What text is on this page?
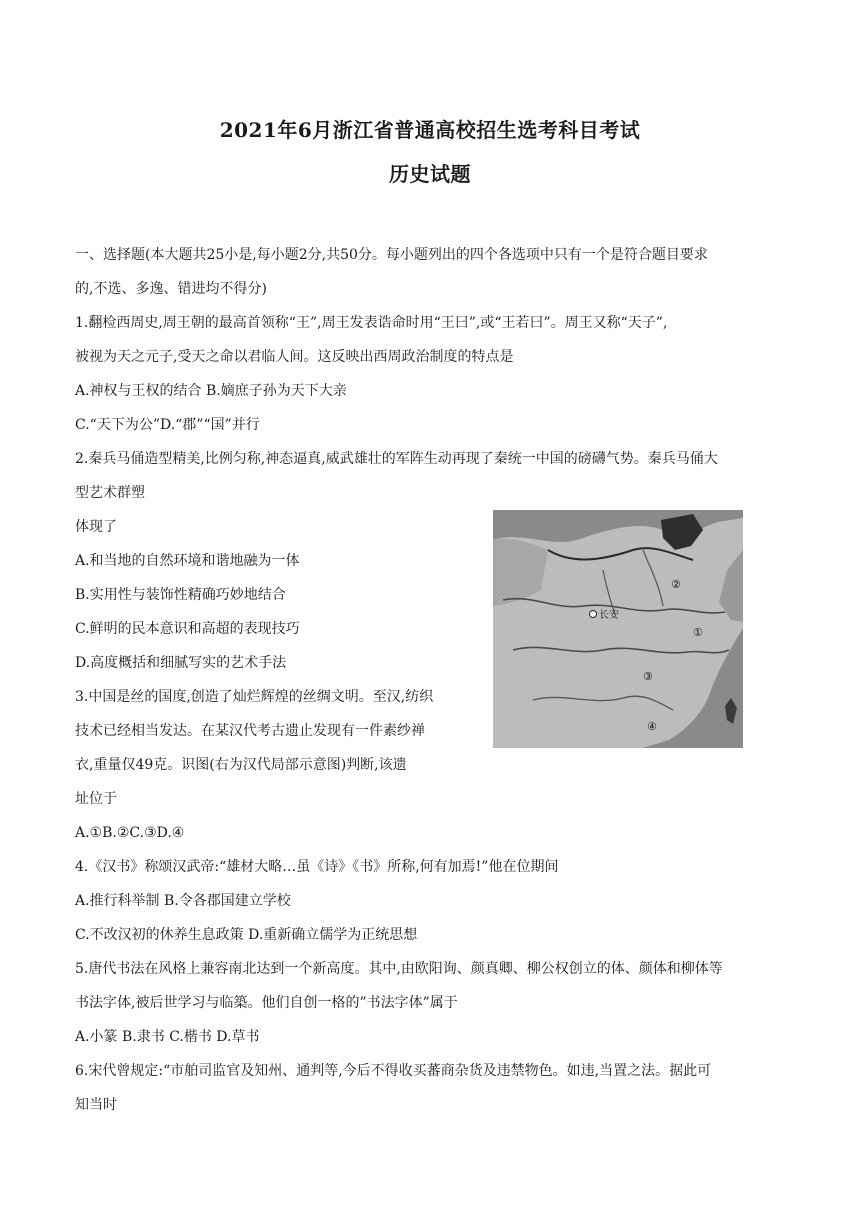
2021年6月浙江省普通高校招生选考科目考试
历史试题
一、选择题(本大题共25小是,每小题2分,共50分。每小题列出的四个各选项中只有一个是符合题目要求
的,不选、多逸、错进均不得分)
1.翻检西周史,周王朝的最高首领称“王”,周王发表诰命时用“王曰”,或“王若曰”。周王又称“天子”,
被视为天之元子,受天之命以君临人间。这反映出西周政治制度的特点是
A.神权与王权的结合 B.嫡庶子孙为天下大亲
C.“天下为公”D.“郡”“国”并行
2.秦兵马俑造型精美,比例匀称,神态逼真,威武雄壮的军阵生动再现了秦统一中国的磅礴气势。秦兵马俑大
型艺术群塑
体现了
A.和当地的自然环境和谐地融为一体
B.实用性与装饰性精确巧妙地结合
C.鲜明的民本意识和高超的表现技巧
D.高度概括和细腻写实的艺术手法
3.中国是丝的国度,创造了灿烂辉煌的丝绸文明。至汉,纺织
技术已经相当发达。在某汉代考古遗止发现有一件素纱禅
衣,重量仅49克。识图(右为汉代局部示意图)判断,该遗
址位于
A.①B.②C.③D.④
4.《汉书》称颂汉武帝:“雄材大略…虽《诗》《书》所称,何有加焉!”他在位期间
A.推行科举制 B.令各郡国建立学校
C.不改汉初的休养生息政策 D.重新确立儒学为正统思想
5.唐代书法在风格上兼容南北达到一个新高度。其中,由欧阳询、颜真卿、柳公权创立的体、颜体和柳体等
书法字体,被后世学习与临築。他们自创一格的”书法字体”属于
A.小篆 B.隶书 C.楷书 D.草书
6.宋代曾规定:“市舶司监官及知州、通判等,今后不得收买蕃商杂货及违禁物色。如违,当置之法。据此可
知当时
长安
①
②
③
④
